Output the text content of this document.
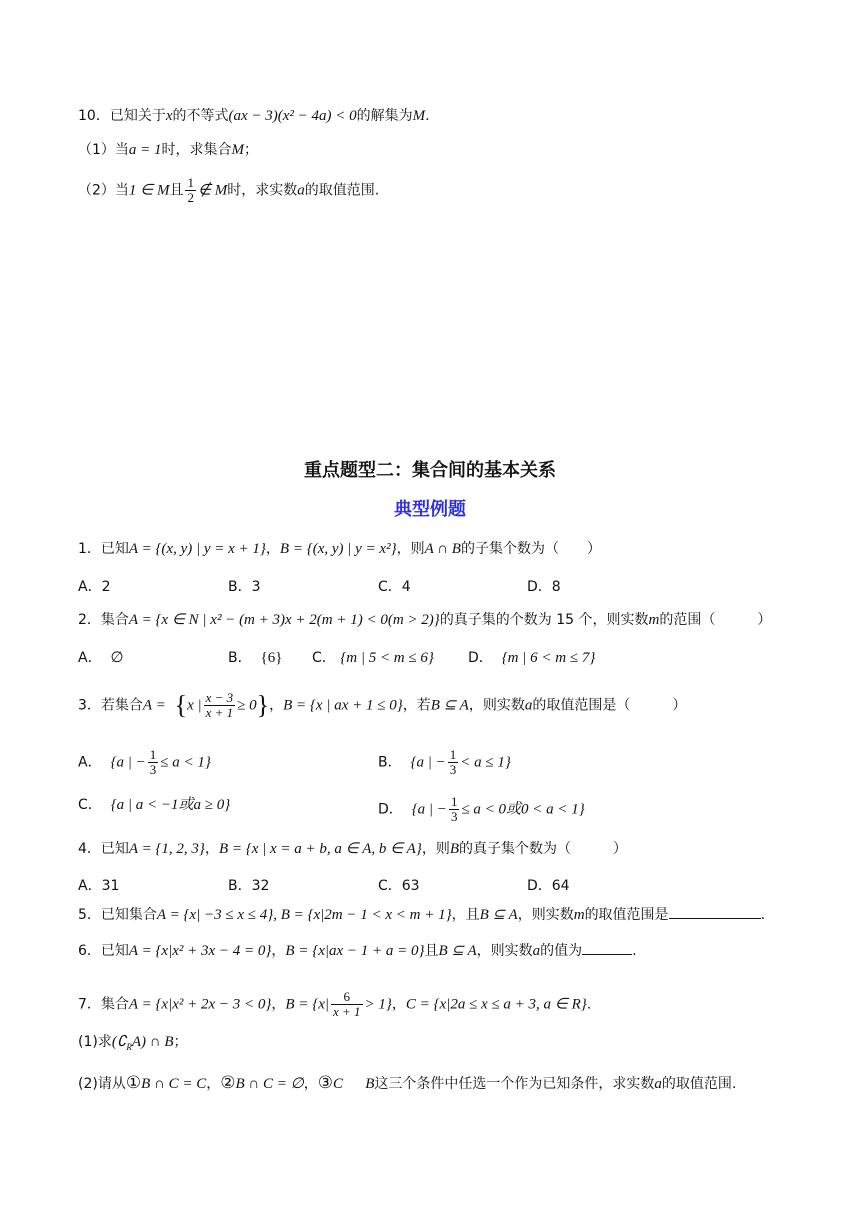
10．已知关于x的不等式(ax − 3)(x² − 4a) < 0的解集为M.
（1）当a = 1时，求集合M；
（2）当1 ∈ M且 $\frac{1}{2}$ ∉ M时，求实数a的取值范围.
重点题型二：集合间的基本关系
典型例题
1．已知A = {(x, y) | y = x + 1}，B = {(x, y) | y = x²}，则A ∩ B的子集个数为（　　）
A．2	B．3	C．4	D．8
2．集合A = {x ∈ N | x² − (m + 3)x + 2(m + 1) < 0(m > 2)}的真子集的个数为 15 个，则实数m的范围（　　　）
A． ∅	B． {6} C． {m | 5 < m ≤ 6} D． {m | 6 < m ≤ 7}
3．若集合A = {x | $\frac{x - 3}{x + 1} \ge 0$}，B = {x | ax + 1 ≤ 0}，若B ⊆ A，则实数a的取值范围是（　　　）
A． {a | − $\frac{1}{3} \le a < 1$}	B． {a | − $\frac{1}{3} < a \le 1$}
C． {a | a < −1或a ≥ 0}	D． {a | − $\frac{1}{3} \le a < 0$或0 < a < 1}
4．已知A = {1, 2, 3}，B = {x | x = a + b, a ∈ A, b ∈ A}，则B的真子集个数为（　　　）
A．31	B．32	C．63	D．64
5．已知集合A = {x| −3 ≤ x ≤ 4}, B = {x|2m − 1 < x < m + 1}，且B ⊆ A，则实数m的取值范围是	.
6．已知A = {x|x² + 3x − 4 = 0}，B = {x|ax − 1 + a = 0}且B ⊆ A，则实数a的值为	.
7．集合A = {x|x² + 2x − 3 < 0}，$B = \{x| \frac{6}{x + 1} > 1\}$，C = {x|2a ≤ x ≤ a + 3, a ∈ R}.
(1)求$(∁_RA)$ ∩ B；
(2)请从①B ∩ C = C，②B ∩ C = ∅，③C B这三个条件中任选一个作为已知条件，求实数a的取值范围.
